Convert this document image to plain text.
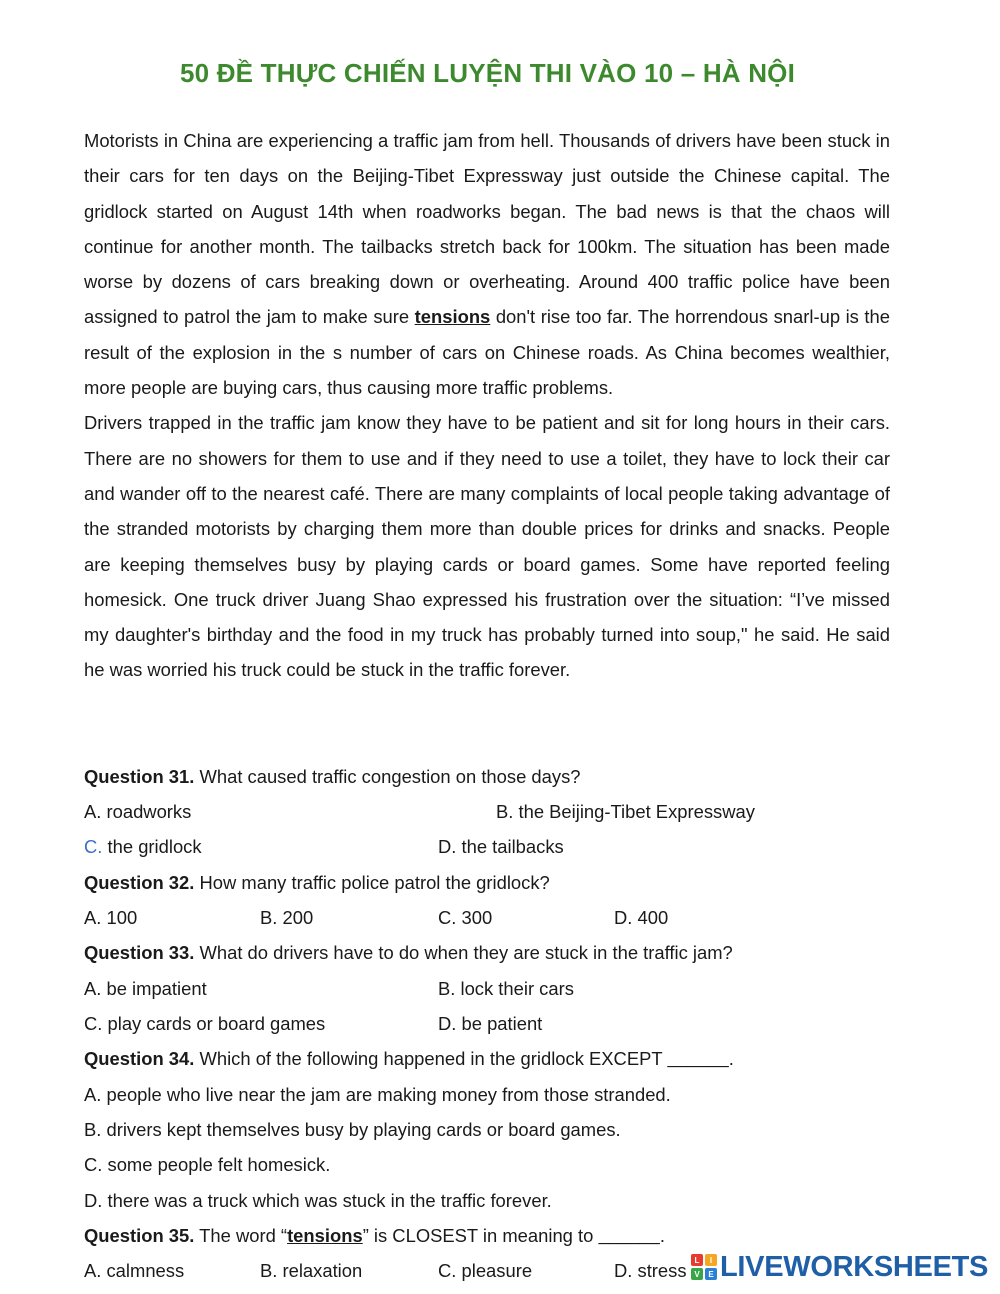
50 ĐỀ THỰC CHIẾN LUYỆN THI VÀO 10 – HÀ NỘI

Motorists in China are experiencing a traffic jam from hell. Thousands of drivers have been stuck in their cars for ten days on the Beijing-Tibet Expressway just outside the Chinese capital. The gridlock started on August 14th when roadworks began. The bad news is that the chaos will continue for another month. The tailbacks stretch back for 100km. The situation has been made worse by dozens of cars breaking down or overheating. Around 400 traffic police have been assigned to patrol the jam to make sure tensions don't rise too far. The horrendous snarl-up is the result of the explosion in the s number of cars on Chinese roads. As China becomes wealthier, more people are buying cars, thus causing more traffic problems.

Drivers trapped in the traffic jam know they have to be patient and sit for long hours in their cars. There are no showers for them to use and if they need to use a toilet, they have to lock their car and wander off to the nearest café. There are many complaints of local people taking advantage of the stranded motorists by charging them more than double prices for drinks and snacks. People are keeping themselves busy by playing cards or board games. Some have reported feeling homesick. One truck driver Juang Shao expressed his frustration over the situation: “I’ve missed my daughter's birthday and the food in my truck has probably turned into soup," he said. He said he was worried his truck could be stuck in the traffic forever.

Question 31. What caused traffic congestion on those days?
A. roadworks	B. the Beijing-Tibet Expressway
C. the gridlock	D. the tailbacks
Question 32. How many traffic police patrol the gridlock?
A. 100	B. 200	C. 300	D. 400
Question 33. What do drivers have to do when they are stuck in the traffic jam?
A. be impatient	B. lock their cars
C. play cards or board games	D. be patient
Question 34. Which of the following happened in the gridlock EXCEPT ______.
A. people who live near the jam are making money from those stranded.
B. drivers kept themselves busy by playing cards or board games.
C. some people felt homesick.
D. there was a truck which was stuck in the traffic forever.
Question 35. The word “tensions” is CLOSEST in meaning to ______.
A. calmness	B. relaxation	C. pleasure	D. stress L	I
V	E LIVEWORKSHEETS
